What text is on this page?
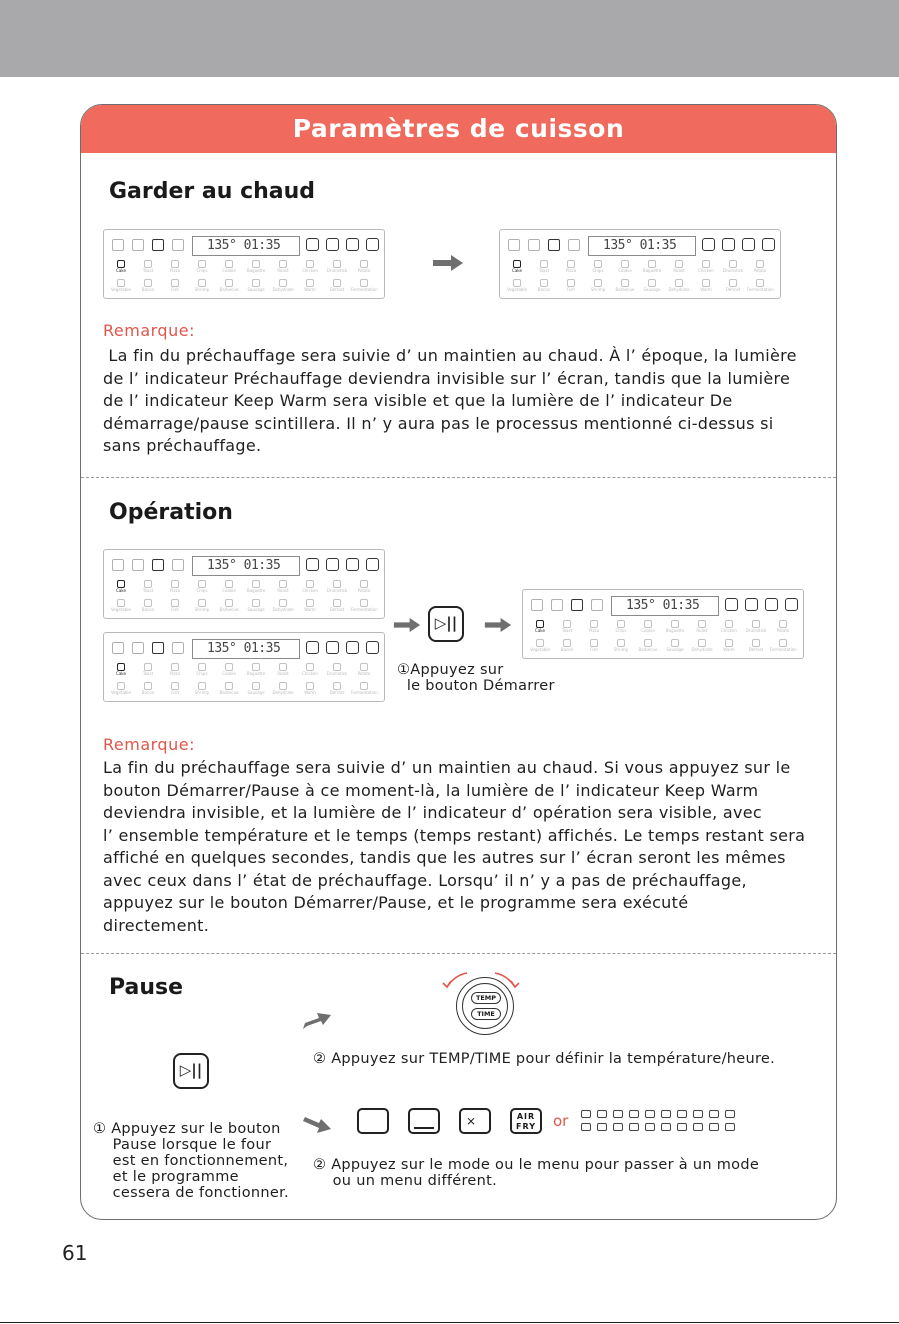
Paramètres de cuisson
Garder au chaud
135° 01:35
Cake	Toast	Pizza	Chips	Cookie	Baguette	Roast	Chicken	Drumstick	Potato
Vegetable	Bacon	Fish	Shrimp	Barbecue	Sausage	Dehydrate	Warm	Defrost	Fermentation
135° 01:35
Cake	Toast	Pizza	Chips	Cookie	Baguette	Roast	Chicken	Drumstick	Potato
Vegetable	Bacon	Fish	Shrimp	Barbecue	Sausage	Dehydrate	Warm	Defrost	Fermentation
Remarque:
La fin du préchauffage sera suivie d’ un maintien au chaud. À l’ époque, la lumière
de l’ indicateur Préchauffage deviendra invisible sur l’ écran, tandis que la lumière
de l’ indicateur Keep Warm sera visible et que la lumière de l’ indicateur De
démarrage/pause scintillera. Il n’ y aura pas le processus mentionné ci-dessus si
sans préchauffage.
Opération
135° 01:35
Cake	Toast	Pizza	Chips	Cookie	Baguette	Roast	Chicken	Drumstick	Potato
Vegetable	Bacon	Fish	Shrimp	Barbecue	Sausage	Dehydrate	Warm	Defrost	Fermentation
135° 01:35
Cake	Toast	Pizza	Chips	Cookie	Baguette	Roast	Chicken	Drumstick	Potato
Vegetable	Bacon	Fish	Shrimp	Barbecue	Sausage	Dehydrate	Warm	Defrost	Fermentation
▷||
135° 01:35
Cake	Toast	Pizza	Chips	Cookie	Baguette	Roast	Chicken	Drumstick	Potato
Vegetable	Bacon	Fish	Shrimp	Barbecue	Sausage	Dehydrate	Warm	Defrost	Fermentation
①Appuyez sur
le bouton Démarrer
Remarque:
La fin du préchauffage sera suivie d’ un maintien au chaud. Si vous appuyez sur le
bouton Démarrer/Pause à ce moment-là, la lumière de l’ indicateur Keep Warm
deviendra invisible, et la lumière de l’ indicateur d’ opération sera visible, avec
l’ ensemble température et le temps (temps restant) affichés. Le temps restant sera
affiché en quelques secondes, tandis que les autres sur l’ écran seront les mêmes
avec ceux dans l’ état de préchauffage. Lorsqu’ il n’ y a pas de préchauffage,
appuyez sur le bouton Démarrer/Pause, et le programme sera exécuté
directement.
Pause	TEMP
TIME
▷||
② Appuyez sur TEMP/TIME pour définir la température/heure.
⨯	AIR
FRY	or
① Appuyez sur le bouton
Pause lorsque le four
est en fonctionnement,
et le programme
cessera de fonctionner.
② Appuyez sur le mode ou le menu pour passer à un mode
ou un menu différent.
61
